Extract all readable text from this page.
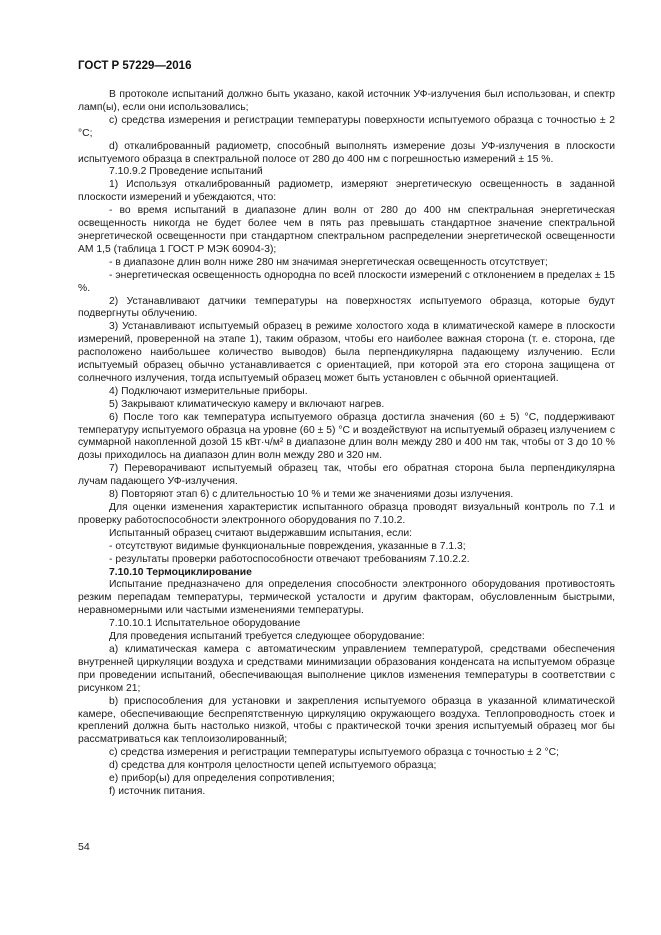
ГОСТ Р 57229—2016

В протоколе испытаний должно быть указано, какой источник УФ-излучения был использован, и спектр ламп(ы), если они использовались;

c) средства измерения и регистрации температуры поверхности испытуемого образца с точностью ± 2 °С;

d) откалиброванный радиометр, способный выполнять измерение дозы УФ-излучения в плоскости испытуемого образца в спектральной полосе от 280 до 400 нм с погрешностью измерений ± 15 %.

7.10.9.2 Проведение испытаний

1) Используя откалиброванный радиометр, измеряют энергетическую освещенность в заданной плоскости измерений и убеждаются, что:

- во время испытаний в диапазоне длин волн от 280 до 400 нм спектральная энергетическая освещенность никогда не будет более чем в пять раз превышать стандартное значение спектральной энергетической освещенности при стандартном спектральном распределении энергетической освещенности АМ 1,5 (таблица 1 ГОСТ Р МЭК 60904-3);

- в диапазоне длин волн ниже 280 нм значимая энергетическая освещенность отсутствует;

- энергетическая освещенность однородна по всей плоскости измерений с отклонением в пределах ± 15 %.

2) Устанавливают датчики температуры на поверхностях испытуемого образца, которые будут подвергнуты облучению.

3) Устанавливают испытуемый образец в режиме холостого хода в климатической камере в плоскости измерений, проверенной на этапе 1), таким образом, чтобы его наиболее важная сторона (т. е. сторона, где расположено наибольшее количество выводов) была перпендикулярна падающему излучению. Если испытуемый образец обычно устанавливается с ориентацией, при которой эта его сторона защищена от солнечного излучения, тогда испытуемый образец может быть установлен с обычной ориентацией.

4) Подключают измерительные приборы.

5) Закрывают климатическую камеру и включают нагрев.

6) После того как температура испытуемого образца достигла значения (60 ± 5) °С, поддерживают температуру испытуемого образца на уровне (60 ± 5) °С и воздействуют на испытуемый образец излучением с суммарной накопленной дозой 15 кВт·ч/м² в диапазоне длин волн между 280 и 400 нм так, чтобы от 3 до 10 % дозы приходилось на диапазон длин волн между 280 и 320 нм.

7) Переворачивают испытуемый образец так, чтобы его обратная сторона была перпендикулярна лучам падающего УФ-излучения.

8) Повторяют этап 6) с длительностью 10 % и теми же значениями дозы излучения.

Для оценки изменения характеристик испытанного образца проводят визуальный контроль по 7.1 и проверку работоспособности электронного оборудования по 7.10.2.

Испытанный образец считают выдержавшим испытания, если:

- отсутствуют видимые функциональные повреждения, указанные в 7.1.3;

- результаты проверки работоспособности отвечают требованиям 7.10.2.2.

7.10.10 Термоциклирование

Испытание предназначено для определения способности электронного оборудования противостоять резким перепадам температуры, термической усталости и другим факторам, обусловленным быстрыми, неравномерными или частыми изменениями температуры.

7.10.10.1 Испытательное оборудование

Для проведения испытаний требуется следующее оборудование:

a) климатическая камера с автоматическим управлением температурой, средствами обеспечения внутренней циркуляции воздуха и средствами минимизации образования конденсата на испытуемом образце при проведении испытаний, обеспечивающая выполнение циклов изменения температуры в соответствии с рисунком 21;

b) приспособления для установки и закрепления испытуемого образца в указанной климатической камере, обеспечивающие беспрепятственную циркуляцию окружающего воздуха. Теплопроводность стоек и креплений должна быть настолько низкой, чтобы с практической точки зрения испытуемый образец мог бы рассматриваться как теплоизолированный;

c) средства измерения и регистрации температуры испытуемого образца с точностью ± 2 °С;

d) средства для контроля целостности цепей испытуемого образца;

e) прибор(ы) для определения сопротивления;

f) источник питания.

54
